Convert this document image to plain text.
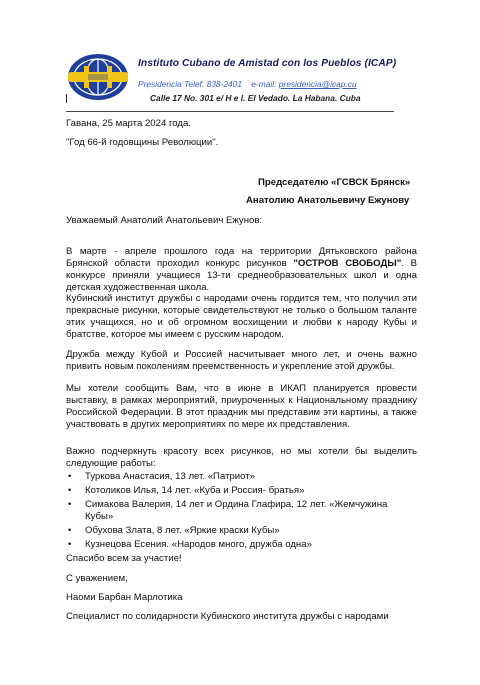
Instituto Cubano de Amistad con los Pueblos (ICAP)
Presidencia Telef. 838-2401 e-mail: presidencia@icap.cu
Calle 17 No. 301 e/ H e I. El Vedado. La Habana. Cuba
Гавана, 25 марта 2024 года.
"Год 66-й годовщины Революции".
Председателю «ГСВСК Брянск»
Анатолию Анатольевичу Ежунову
Уважаемый Анатолий Анатольевич Ежунов:

В марте - апреле прошлого года на территории Дятьковского района Брянской области проходил конкурс рисунков "ОСТРОВ СВОБОДЫ". В конкурсе приняли учащиеся 13-ти среднеобразовательных школ и одна детская художественная школа.

Кубинский институт дружбы с народами очень гордится тем, что получил эти прекрасные рисунки, которые свидетельствуют не только о большом таланте этих учащихся, но и об огромном восхищении и любви к народу Кубы и братстве, которое мы имеем с русским народом.

Дружба между Кубой и Россией насчитывает много лет, и очень важно привить новым поколениям преемственность и укрепление этой дружбы.

Мы хотели сообщить Вам, что в июне в ИКАП планируется провести выставку, в рамках мероприятий, приуроченных к Национальному празднику Российской Федерации. В этот праздник мы представим эти картины, а также участвовать в других мероприятиях по мере их представления.

Важно подчеркнуть красоту всех рисунков, но мы хотели бы выделить следующие работы:

• Туркова Анастасия, 13 лет. «Патриот»
• Котоликов Илья, 14 лет. «Куба и Россия- братья»
• Симакова Валерия, 14 лет и Ордина Глафира, 12 лет. «Жемчужина Кубы»
• Обухова Злата, 8 лет. «Яркие краски Кубы»
• Кузнецова Есения. «Народов много, дружба одна»
Спасибо всем за участие!
С уважением,
Наоми Барбан Марлотика
Специалист по солидарности Кубинского института дружбы с народами
